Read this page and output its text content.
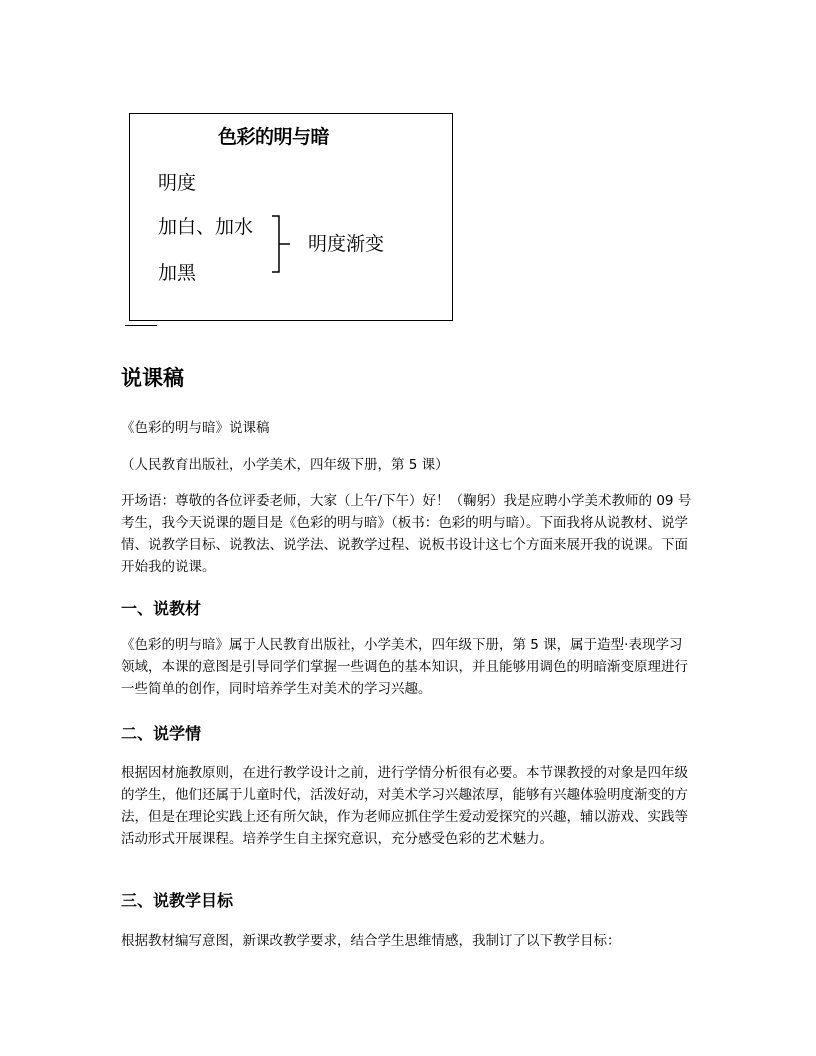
色彩的明与暗
明度
加白、加水
加黑
明度渐变
说课稿

《色彩的明与暗》说课稿

（人民教育出版社，小学美术，四年级下册，第 5 课）

开场语：尊敬的各位评委老师，大家（上午/下午）好！（鞠躬）我是应聘小学美术教师的 09 号考生，我今天说课的题目是《色彩的明与暗》（板书：色彩的明与暗）。下面我将从说教材、说学情、说教学目标、说教法、说学法、说教学过程、说板书设计这七个方面来展开我的说课。下面开始我的说课。

一、说教材

《色彩的明与暗》属于人民教育出版社，小学美术，四年级下册，第 5 课，属于造型·表现学习领域，本课的意图是引导同学们掌握一些调色的基本知识，并且能够用调色的明暗渐变原理进行一些简单的创作，同时培养学生对美术的学习兴趣。

二、说学情

根据因材施教原则，在进行教学设计之前，进行学情分析很有必要。本节课教授的对象是四年级的学生，他们还属于儿童时代，活泼好动，对美术学习兴趣浓厚，能够有兴趣体验明度渐变的方法，但是在理论实践上还有所欠缺，作为老师应抓住学生爱动爱探究的兴趣，辅以游戏、实践等活动形式开展课程。培养学生自主探究意识，充分感受色彩的艺术魅力。

三、说教学目标

根据教材编写意图，新课改教学要求，结合学生思维情感，我制订了以下教学目标：
